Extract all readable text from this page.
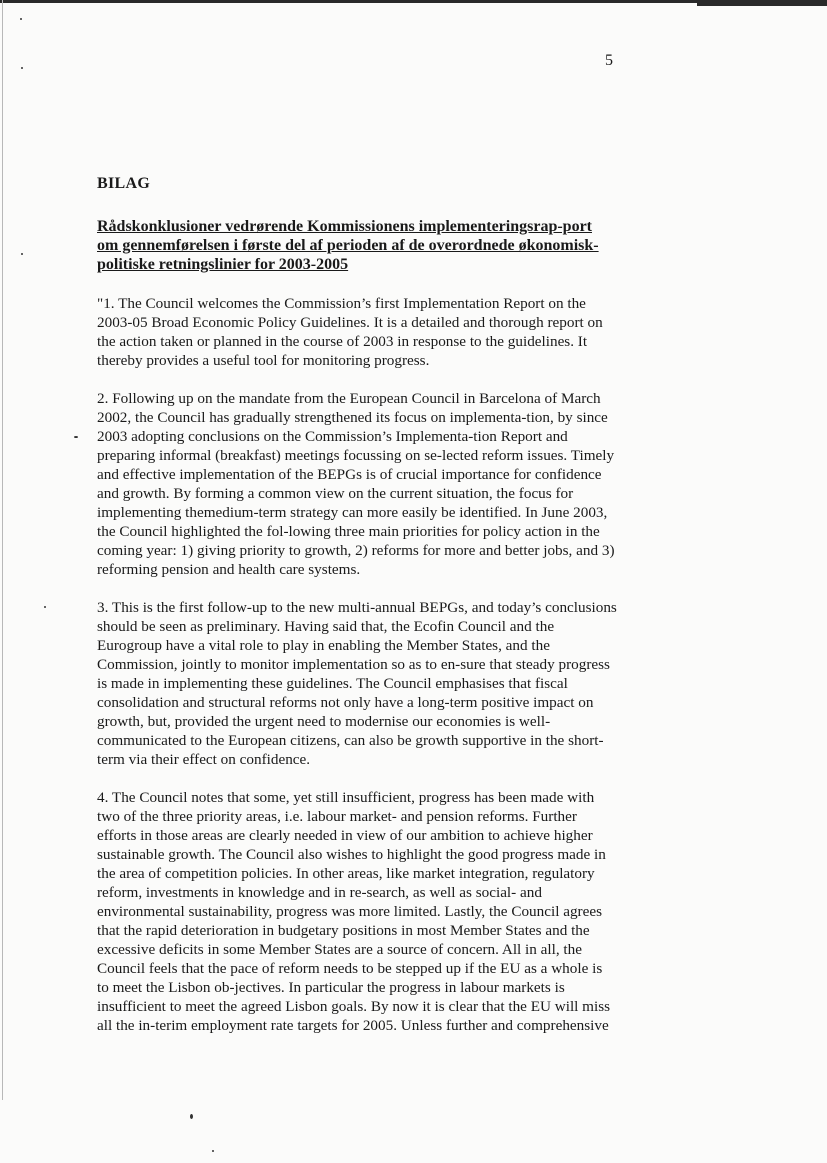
5
BILAG
Rådskonklusioner vedrørende Kommissionens implementeringsrap-port om gennemførelsen i første del af perioden af de overordnede økonomisk-politiske retningslinier for 2003-2005

"1. The Council welcomes the Commission’s first Implementation Report on the 2003-05 Broad Economic Policy Guidelines. It is a detailed and thorough report on the action taken or planned in the course of 2003 in response to the guidelines. It thereby provides a useful tool for monitoring progress.

2. Following up on the mandate from the European Council in Barcelona of March 2002, the Council has gradually strengthened its focus on implementa-tion, by since 2003 adopting conclusions on the Commission’s Implementa-tion Report and preparing informal (breakfast) meetings focussing on se-lected reform issues. Timely and effective implementation of the BEPGs is of crucial importance for confidence and growth. By forming a common view on the current situation, the focus for implementing themedium-term strategy can more easily be identified. In June 2003, the Council highlighted the fol-lowing three main priorities for policy action in the coming year: 1) giving priority to growth, 2) reforms for more and better jobs, and 3) reforming pension and health care systems.

3. This is the first follow-up to the new multi-annual BEPGs, and today’s conclusions should be seen as preliminary. Having said that, the Ecofin Council and the Eurogroup have a vital role to play in enabling the Member States, and the Commission, jointly to monitor implementation so as to en-sure that steady progress is made in implementing these guidelines. The Council emphasises that fiscal consolidation and structural reforms not only have a long-term positive impact on growth, but, provided the urgent need to modernise our economies is well-communicated to the European citizens, can also be growth supportive in the short-term via their effect on confidence.

4. The Council notes that some, yet still insufficient, progress has been made with two of the three priority areas, i.e. labour market- and pension reforms. Further efforts in those areas are clearly needed in view of our ambition to achieve higher sustainable growth. The Council also wishes to highlight the good progress made in the area of competition policies. In other areas, like market integration, regulatory reform, investments in knowledge and in re-search, as well as social- and environmental sustainability, progress was more limited. Lastly, the Council agrees that the rapid deterioration in budgetary positions in most Member States and the excessive deficits in some Member States are a source of concern. All in all, the Council feels that the pace of reform needs to be stepped up if the EU as a whole is to meet the Lisbon ob-jectives. In particular the progress in labour markets is insufficient to meet the agreed Lisbon goals. By now it is clear that the EU will miss all the in-terim employment rate targets for 2005. Unless further and comprehensive
